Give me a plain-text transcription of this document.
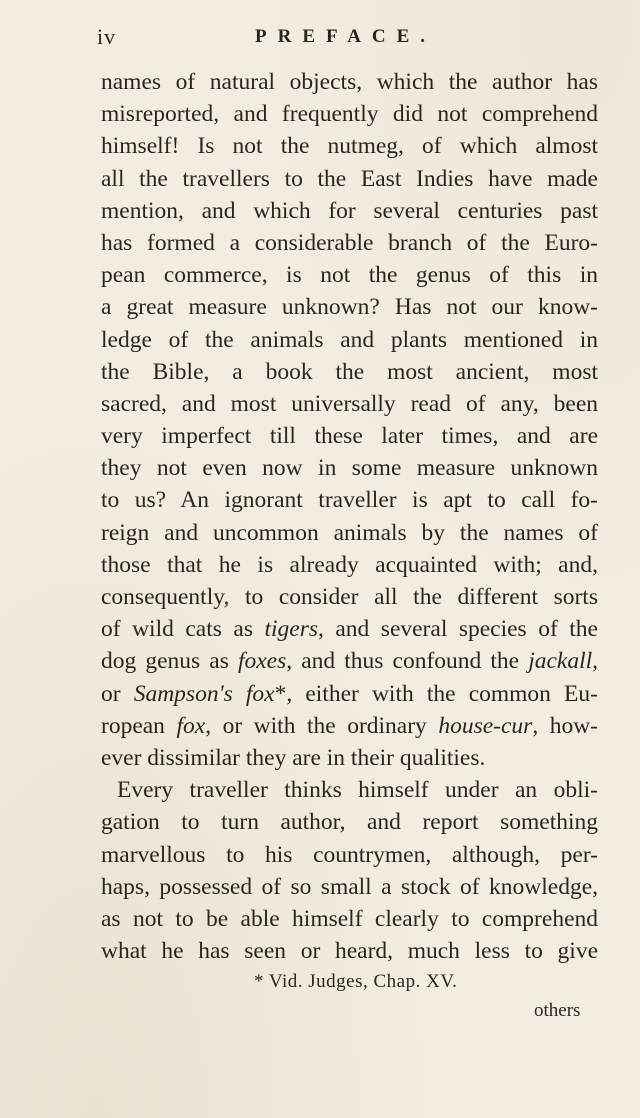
iv	PREFACE.
names of natural objects, which the author has
misreported, and frequently did not comprehend
himself! Is not the nutmeg, of which almost
all the travellers to the East Indies have made
mention, and which for several centuries past
has formed a considerable branch of the Euro-
pean commerce, is not the genus of this in
a great measure unknown? Has not our know-
ledge of the animals and plants mentioned in
the Bible, a book the most ancient, most
sacred, and most universally read of any, been
very imperfect till these later times, and are
they not even now in some measure unknown
to us? An ignorant traveller is apt to call fo-
reign and uncommon animals by the names of
those that he is already acquainted with; and,
consequently, to consider all the different sorts
of wild cats as tigers, and several species of the
dog genus as foxes, and thus confound the jackall,
or Sampson's fox*, either with the common Eu-
ropean fox, or with the ordinary house-cur, how-
ever dissimilar they are in their qualities.
Every traveller thinks himself under an obli-
gation to turn author, and report something
marvellous to his countrymen, although, per-
haps, possessed of so small a stock of knowledge,
as not to be able himself clearly to comprehend
what he has seen or heard, much less to give
* Vid. Judges, Chap. XV.
others
